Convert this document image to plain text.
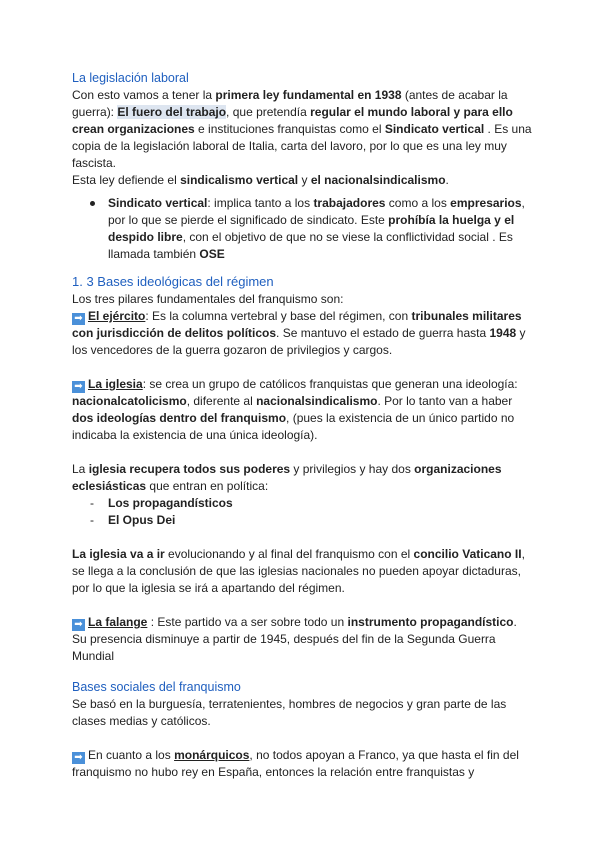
La legislación laboral

Con esto vamos a tener la primera ley fundamental en 1938 (antes de acabar la guerra): El fuero del trabajo, que pretendía regular el mundo laboral y para ello crean organizaciones e instituciones franquistas como el Sindicato vertical . Es una copia de la legislación laboral de Italia, carta del lavoro, por lo que es una ley muy fascista.

Esta ley defiende el sindicalismo vertical y el nacionalsindicalismo.

Sindicato vertical: implica tanto a los trabajadores como a los empresarios, por lo que se pierde el significado de sindicato. Este prohíbía la huelga y el despido libre, con el objetivo de que no se viese la conflictividad social . Es llamada también OSE
1. 3 Bases ideológicas del régimen

Los tres pilares fundamentales del franquismo son:

➡ El ejército: Es la columna vertebral y base del régimen, con tribunales militares con jurisdicción de delitos políticos. Se mantuvo el estado de guerra hasta 1948 y los vencedores de la guerra gozaron de privilegios y cargos.

➡ La iglesia: se crea un grupo de católicos franquistas que generan una ideología: nacionalcatolicismo, diferente al nacionalsindicalismo. Por lo tanto van a haber dos ideologías dentro del franquismo, (pues la existencia de un único partido no indicaba la existencia de una única ideología).

La iglesia recupera todos sus poderes y privilegios y hay dos organizaciones eclesiásticas que entran en política:

- Los propagandísticos
- El Opus Dei

La iglesia va a ir evolucionando y al final del franquismo con el concilio Vaticano II, se llega a la conclusión de que las iglesias nacionales no pueden apoyar dictaduras, por lo que la iglesia se irá a apartando del régimen.

➡ La falange : Este partido va a ser sobre todo un instrumento propagandístico. Su presencia disminuye a partir de 1945, después del fin de la Segunda Guerra Mundial

Bases sociales del franquismo

Se basó en la burguesía, terratenientes, hombres de negocios y gran parte de las clases medias y católicos.

➡ En cuanto a los monárquicos, no todos apoyan a Franco, ya que hasta el fin del franquismo no hubo rey en España, entonces la relación entre franquistas y
